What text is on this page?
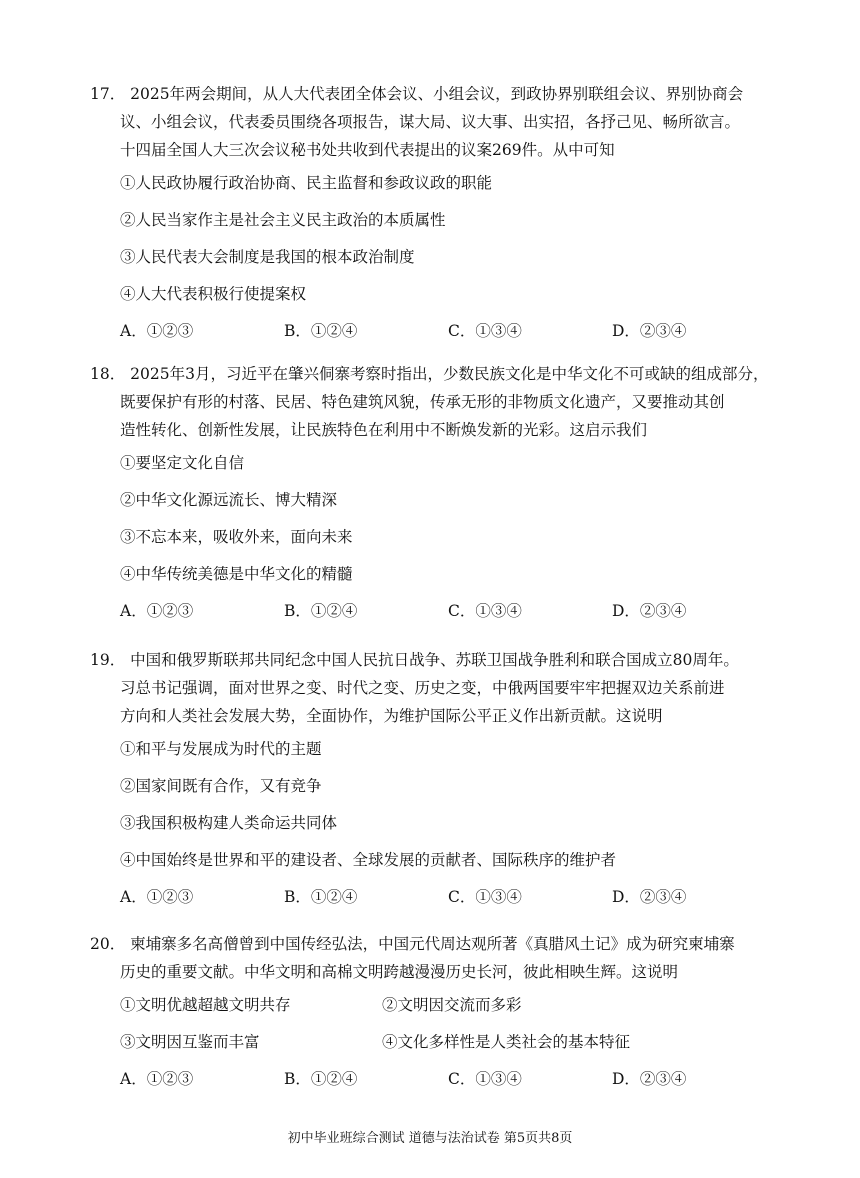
17． 2025年两会期间，从人大代表团全体会议、小组会议，到政协界别联组会议、界别协商会
议、小组会议，代表委员围绕各项报告，谋大局、议大事、出实招，各抒己见、畅所欲言。
十四届全国人大三次会议秘书处共收到代表提出的议案269件。从中可知
①人民政协履行政治协商、民主监督和参政议政的职能
②人民当家作主是社会主义民主政治的本质属性
③人民代表大会制度是我国的根本政治制度
④人大代表积极行使提案权
A．①②③	B．①②④	C．①③④	D．②③④
18． 2025年3月，习近平在肇兴侗寨考察时指出，少数民族文化是中华文化不可或缺的组成部分，
既要保护有形的村落、民居、特色建筑风貌，传承无形的非物质文化遗产，又要推动其创
造性转化、创新性发展，让民族特色在利用中不断焕发新的光彩。这启示我们
①要坚定文化自信
②中华文化源远流长、博大精深
③不忘本来，吸收外来，面向未来
④中华传统美德是中华文化的精髓
A．①②③	B．①②④	C．①③④	D．②③④
19． 中国和俄罗斯联邦共同纪念中国人民抗日战争、苏联卫国战争胜利和联合国成立80周年。
习总书记强调，面对世界之变、时代之变、历史之变，中俄两国要牢牢把握双边关系前进
方向和人类社会发展大势，全面协作，为维护国际公平正义作出新贡献。这说明
①和平与发展成为时代的主题
②国家间既有合作，又有竞争
③我国积极构建人类命运共同体
④中国始终是世界和平的建设者、全球发展的贡献者、国际秩序的维护者
A．①②③	B．①②④	C．①③④	D．②③④
20． 柬埔寨多名高僧曾到中国传经弘法，中国元代周达观所著《真腊风土记》成为研究柬埔寨
历史的重要文献。中华文明和高棉文明跨越漫漫历史长河，彼此相映生辉。这说明
①文明优越超越文明共存	②文明因交流而多彩
③文明因互鉴而丰富	④文化多样性是人类社会的基本特征
A．①②③	B．①②④	C．①③④	D．②③④
初中毕业班综合测试 道德与法治试卷 第5页共8页
